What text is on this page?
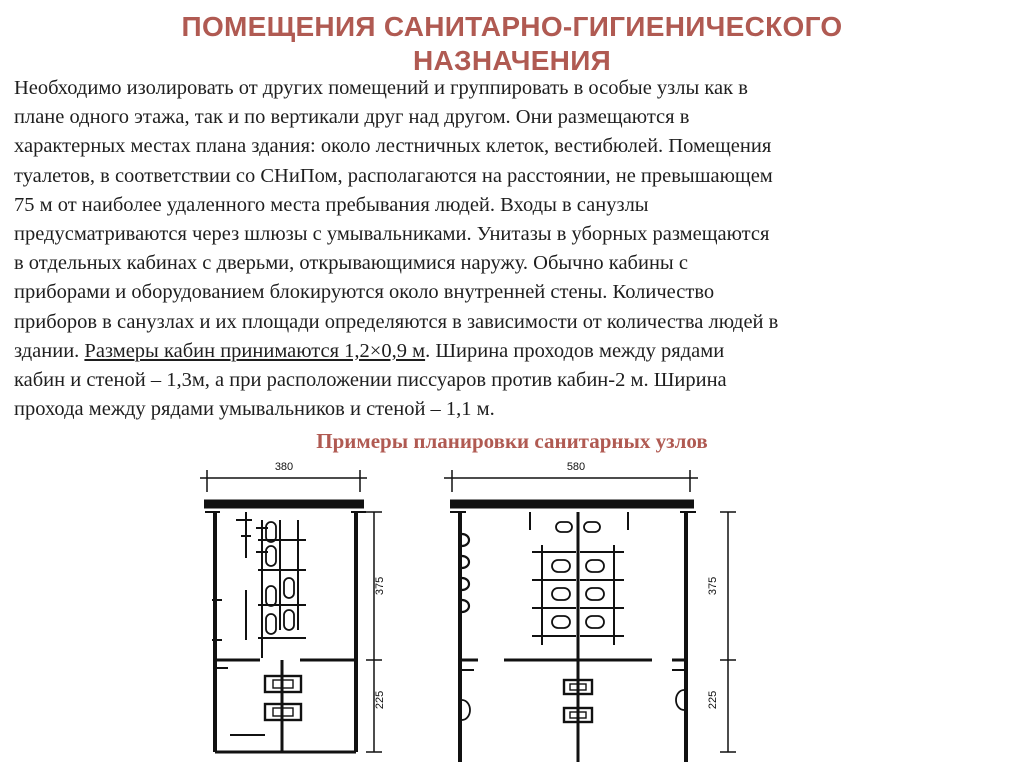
ПОМЕЩЕНИЯ САНИТАРНО-ГИГИЕНИЧЕСКОГО
НАЗНАЧЕНИЯ

Необходимо изолировать от других помещений и группировать в особые узлы как в

плане одного этажа, так и по вертикали друг над другом. Они размещаются в

характерных местах плана здания: около лестничных клеток, вестибюлей. Помещения

туалетов, в соответствии со СНиПом, располагаются на расстоянии, не превышающем

75 м от наиболее удаленного места пребывания людей. Входы в санузлы

предусматриваются через шлюзы с умывальниками. Унитазы в уборных размещаются

в отдельных кабинах с дверьми, открывающимися наружу. Обычно кабины с

приборами и оборудованием блокируются около внутренней стены. Количество

приборов в санузлах и их площади определяются в зависимости от количества людей в

здании. Размеры кабин принимаются 1,2×0,9 м. Ширина проходов между рядами

кабин и стеной – 1,3м, а при расположении писсуаров против кабин-2 м. Ширина

прохода между рядами умывальников и стеной – 1,1 м.

Примеры планировки санитарных узлов
380
375
225
580
375
225
